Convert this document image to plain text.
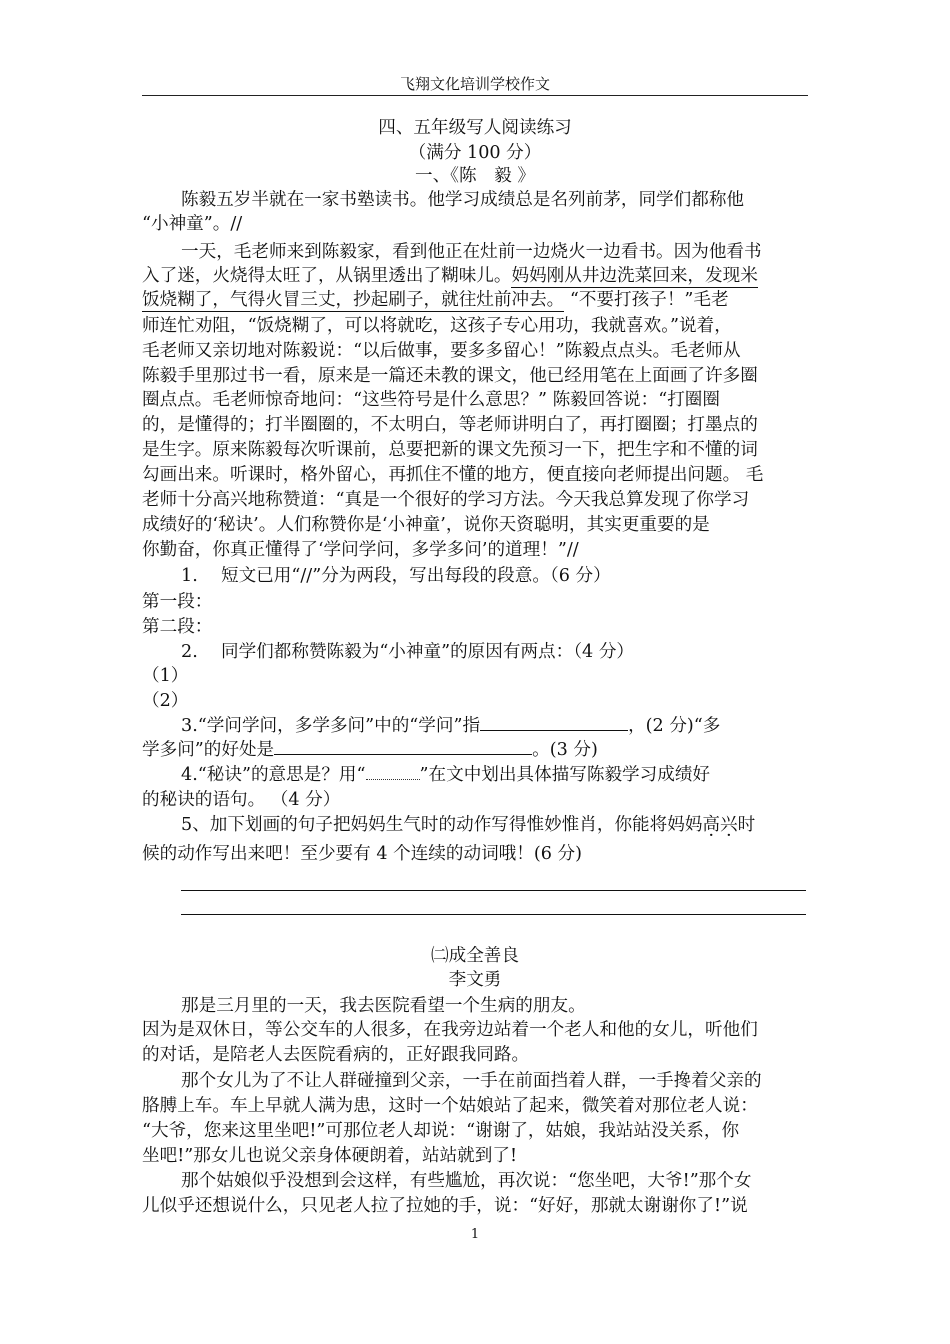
飞翔文化培训学校作文
四、五年级写人阅读练习
（满分 100 分）
一、《陈　毅 》
陈毅五岁半就在一家书塾读书。他学习成绩总是名列前茅，同学们都称他
“小神童”。//
一天，毛老师来到陈毅家，看到他正在灶前一边烧火一边看书。因为他看书
入了迷，火烧得太旺了，从锅里透出了糊味儿。妈妈刚从井边洗菜回来，发现米
饭烧糊了，气得火冒三丈，抄起刷子，就往灶前冲去。 “不要打孩子！”毛老
师连忙劝阻，“饭烧糊了，可以将就吃，这孩子专心用功，我就喜欢。”说着，
毛老师又亲切地对陈毅说：“以后做事，要多多留心！”陈毅点点头。毛老师从
陈毅手里那过书一看，原来是一篇还未教的课文，他已经用笔在上面画了许多圈
圈点点。毛老师惊奇地问：“这些符号是什么意思？” 陈毅回答说：“打圈圈
的，是懂得的；打半圈圈的，不太明白，等老师讲明白了，再打圈圈；打墨点的
是生字。原来陈毅每次听课前，总要把新的课文先预习一下，把生字和不懂的词
勾画出来。听课时，格外留心，再抓住不懂的地方，便直接向老师提出问题。 毛
老师十分高兴地称赞道：“真是一个很好的学习方法。今天我总算发现了你学习
成绩好的‘秘诀’。人们称赞你是‘小神童’，说你天资聪明，其实更重要的是
你勤奋，你真正懂得了‘学问学问，多学多问’的道理！”//
1.　 短文已用“//”分为两段，写出每段的段意。（6 分）
第一段：
第二段：
2.　 同学们都称赞陈毅为“小神童”的原因有两点：（4 分）
（1）
（2）
3.“学问学问，多学多问”中的“学问”指	，(2 分)“多
学多问”的好处是	。(3 分)
4.“秘诀”的意思是？用“	”在文中划出具体描写陈毅学习成绩好
的秘诀的语句。 （4 分）
5、加下划画的句子把妈妈生气时的动作写得惟妙惟肖，你能将妈妈高兴时
候的动作写出来吧！至少要有 4 个连续的动词哦！(6 分)
㈡成全善良
李文勇
那是三月里的一天，我去医院看望一个生病的朋友。
因为是双休日，等公交车的人很多，在我旁边站着一个老人和他的女儿，听他们
的对话，是陪老人去医院看病的，正好跟我同路。
那个女儿为了不让人群碰撞到父亲，一手在前面挡着人群，一手搀着父亲的
胳膊上车。车上早就人满为患，这时一个姑娘站了起来，微笑着对那位老人说：
“大爷，您来这里坐吧!”可那位老人却说：“谢谢了，姑娘，我站站没关系，你
坐吧!”那女儿也说父亲身体硬朗着，站站就到了!
那个姑娘似乎没想到会这样，有些尴尬，再次说：“您坐吧，大爷!”那个女
儿似乎还想说什么，只见老人拉了拉她的手，说：“好好，那就太谢谢你了!”说
1
